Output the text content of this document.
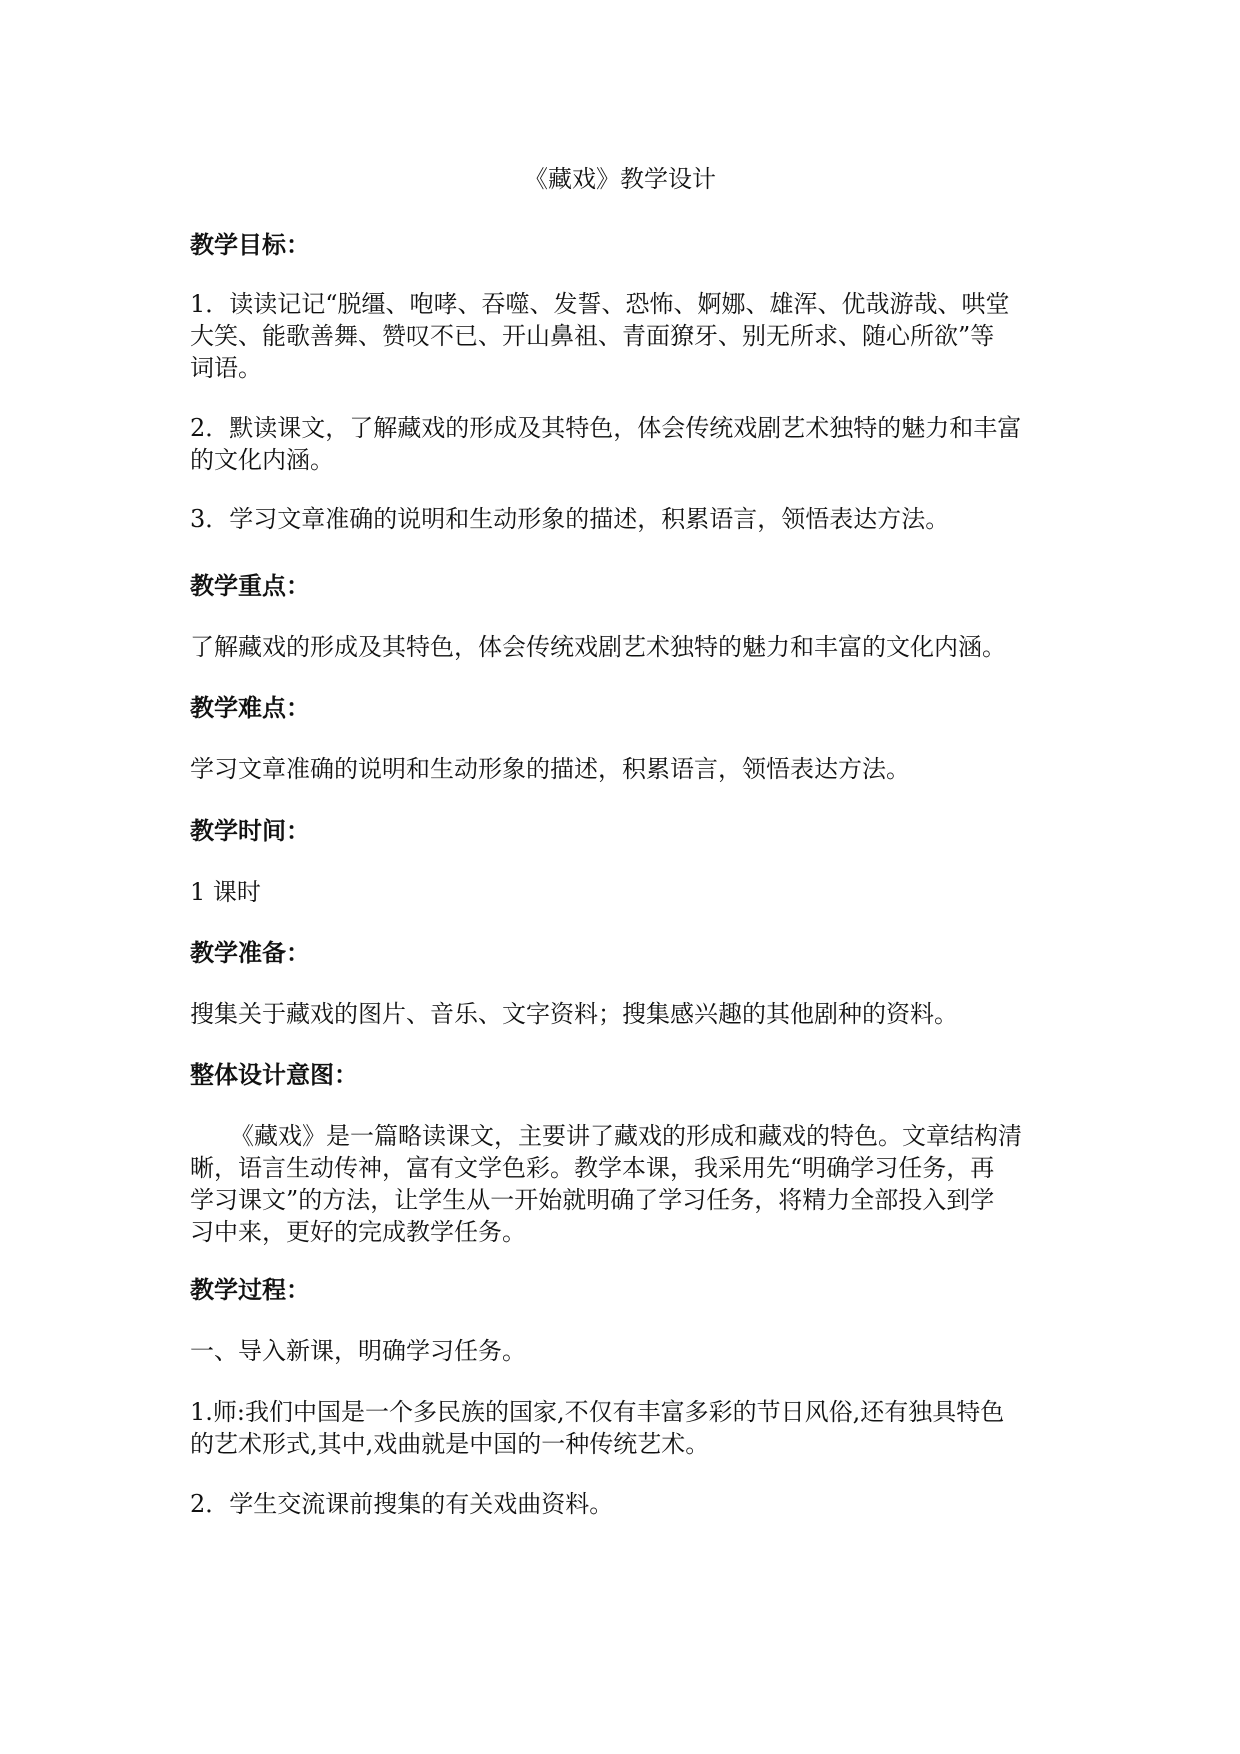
《藏戏》教学设计

教学目标：

1．读读记记“脱缰、咆哮、吞噬、发誓、恐怖、婀娜、雄浑、优哉游哉、哄堂
大笑、能歌善舞、赞叹不已、开山鼻祖、青面獠牙、别无所求、随心所欲”等
词语。

2．默读课文，了解藏戏的形成及其特色，体会传统戏剧艺术独特的魅力和丰富
的文化内涵。

3．学习文章准确的说明和生动形象的描述，积累语言，领悟表达方法。

教学重点：

了解藏戏的形成及其特色，体会传统戏剧艺术独特的魅力和丰富的文化内涵。

教学难点：

学习文章准确的说明和生动形象的描述，积累语言，领悟表达方法。

教学时间：

1 课时

教学准备：

搜集关于藏戏的图片、音乐、文字资料；搜集感兴趣的其他剧种的资料。

整体设计意图：

《藏戏》是一篇略读课文，主要讲了藏戏的形成和藏戏的特色。文章结构清
晰，语言生动传神，富有文学色彩。教学本课，我采用先“明确学习任务，再
学习课文”的方法，让学生从一开始就明确了学习任务，将精力全部投入到学
习中来，更好的完成教学任务。

教学过程：

一、导入新课，明确学习任务。

1.师:我们中国是一个多民族的国家,不仅有丰富多彩的节日风俗,还有独具特色
的艺术形式,其中,戏曲就是中国的一种传统艺术。

2．学生交流课前搜集的有关戏曲资料。
